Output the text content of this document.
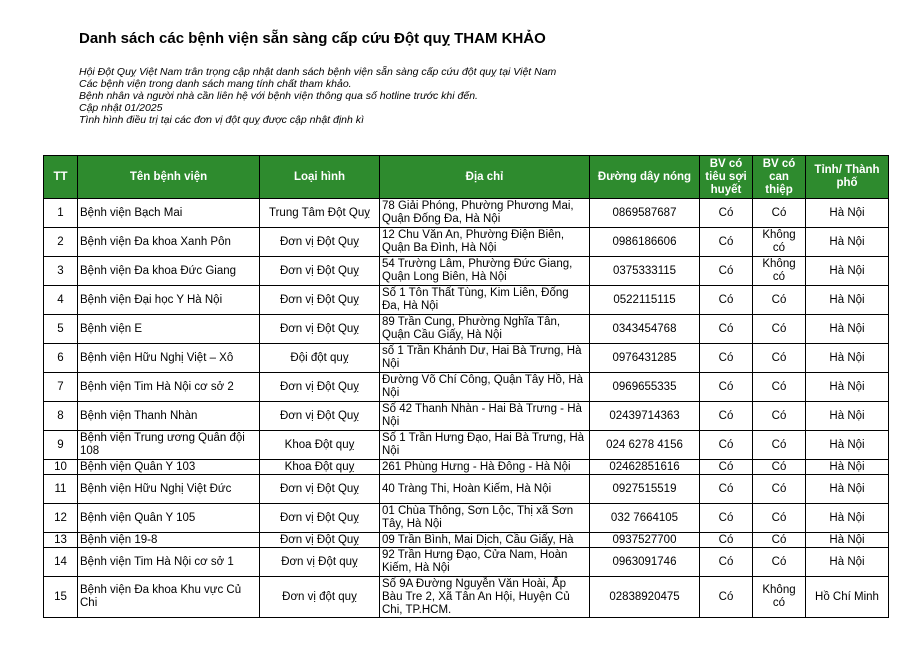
Danh sách các bệnh viện sẵn sàng cấp cứu Đột quỵ THAM KHẢO
Hội Đột Quỵ Việt Nam trân trọng cập nhật danh sách bệnh viện sẵn sàng cấp cứu đột quỵ tại Việt Nam
Các bệnh viện trong danh sách mang tính chất tham khảo.
Bệnh nhân và người nhà cần liên hệ với bệnh viện thông qua số hotline trước khi đến.
Cập nhật 01/2025
Tình hình điều trị tại các đơn vị đột quỵ được cập nhật định kì
TT	Tên bệnh viện	Loại hình	Địa chỉ	Đường dây nóng	BV có tiêu sợi huyết	BV có can thiệp	Tỉnh/ Thành phố
1	Bệnh viện Bạch Mai	Trung Tâm Đột Quỵ	78 Giải Phóng, Phường Phương Mai, Quận Đống Đa, Hà Nội	0869587687	Có	Có	Hà Nội
2	Bệnh viện Đa khoa Xanh Pôn	Đơn vị Đột Quỵ	12 Chu Văn An, Phường Điện Biên, Quận Ba Đình, Hà Nội	0986186606	Có	Không có	Hà Nội
3	Bệnh viện Đa khoa Đức Giang	Đơn vị Đột Quỵ	54 Trường Lâm, Phường Đức Giang, Quận Long Biên, Hà Nội	0375333115	Có	Không có	Hà Nội
4	Bệnh viện Đại học Y Hà Nội	Đơn vị Đột Quỵ	Số 1 Tôn Thất Tùng, Kim Liên, Đống Đa, Hà Nội	0522115115	Có	Có	Hà Nội
5	Bệnh viện E	Đơn vị Đột Quỵ	89 Trần Cung, Phường Nghĩa Tân, Quận Cầu Giấy, Hà Nội	0343454768	Có	Có	Hà Nội
6	Bệnh viện Hữu Nghị Việt – Xô	Đội đột quỵ	số 1 Trần Khánh Dư, Hai Bà Trưng, Hà Nội	0976431285	Có	Có	Hà Nội
7	Bệnh viện Tim Hà Nội cơ sở 2	Đơn vị Đột Quỵ	Đường Võ Chí Công, Quận Tây Hồ, Hà Nội	0969655335	Có	Có	Hà Nội
8	Bệnh viện Thanh Nhàn	Đơn vị Đột Quỵ	Số 42 Thanh Nhàn - Hai Bà Trưng - Hà Nội	02439714363	Có	Có	Hà Nội
9	Bệnh viện Trung ương Quân đội 108	Khoa Đột quỵ	Số 1 Trần Hưng Đạo, Hai Bà Trưng, Hà Nội	024 6278 4156	Có	Có	Hà Nội
10	Bệnh viện Quân Y 103	Khoa Đột quỵ	261 Phùng Hưng - Hà Đông - Hà Nội	02462851616	Có	Có	Hà Nội
11	Bệnh viện Hữu Nghị Việt Đức	Đơn vị Đột Quỵ	40 Tràng Thi, Hoàn Kiếm, Hà Nội	0927515519	Có	Có	Hà Nội
12	Bệnh viện Quân Y 105	Đơn vị Đột Quỵ	01 Chùa Thông, Sơn Lộc, Thị xã Sơn Tây, Hà Nội	032 7664105	Có	Có	Hà Nội
13	Bệnh viện 19-8	Đơn vị Đột Quỵ	09 Trần Bình, Mai Dịch, Cầu Giấy, Hà	0937527700	Có	Có	Hà Nội
14	Bệnh viện Tim Hà Nội cơ sở 1	Đơn vị Đột quỵ	92 Trần Hưng Đạo, Cửa Nam, Hoàn Kiếm, Hà Nội	0963091746	Có	Có	Hà Nội
15	Bệnh viện Đa khoa Khu vực Củ Chi	Đơn vị đột quỵ	Số 9A Đường Nguyễn Văn Hoài, Ấp Bàu Tre 2, Xã Tân An Hội, Huyện Củ Chi, TP.HCM.	02838920475	Có	Không có	Hồ Chí Minh
